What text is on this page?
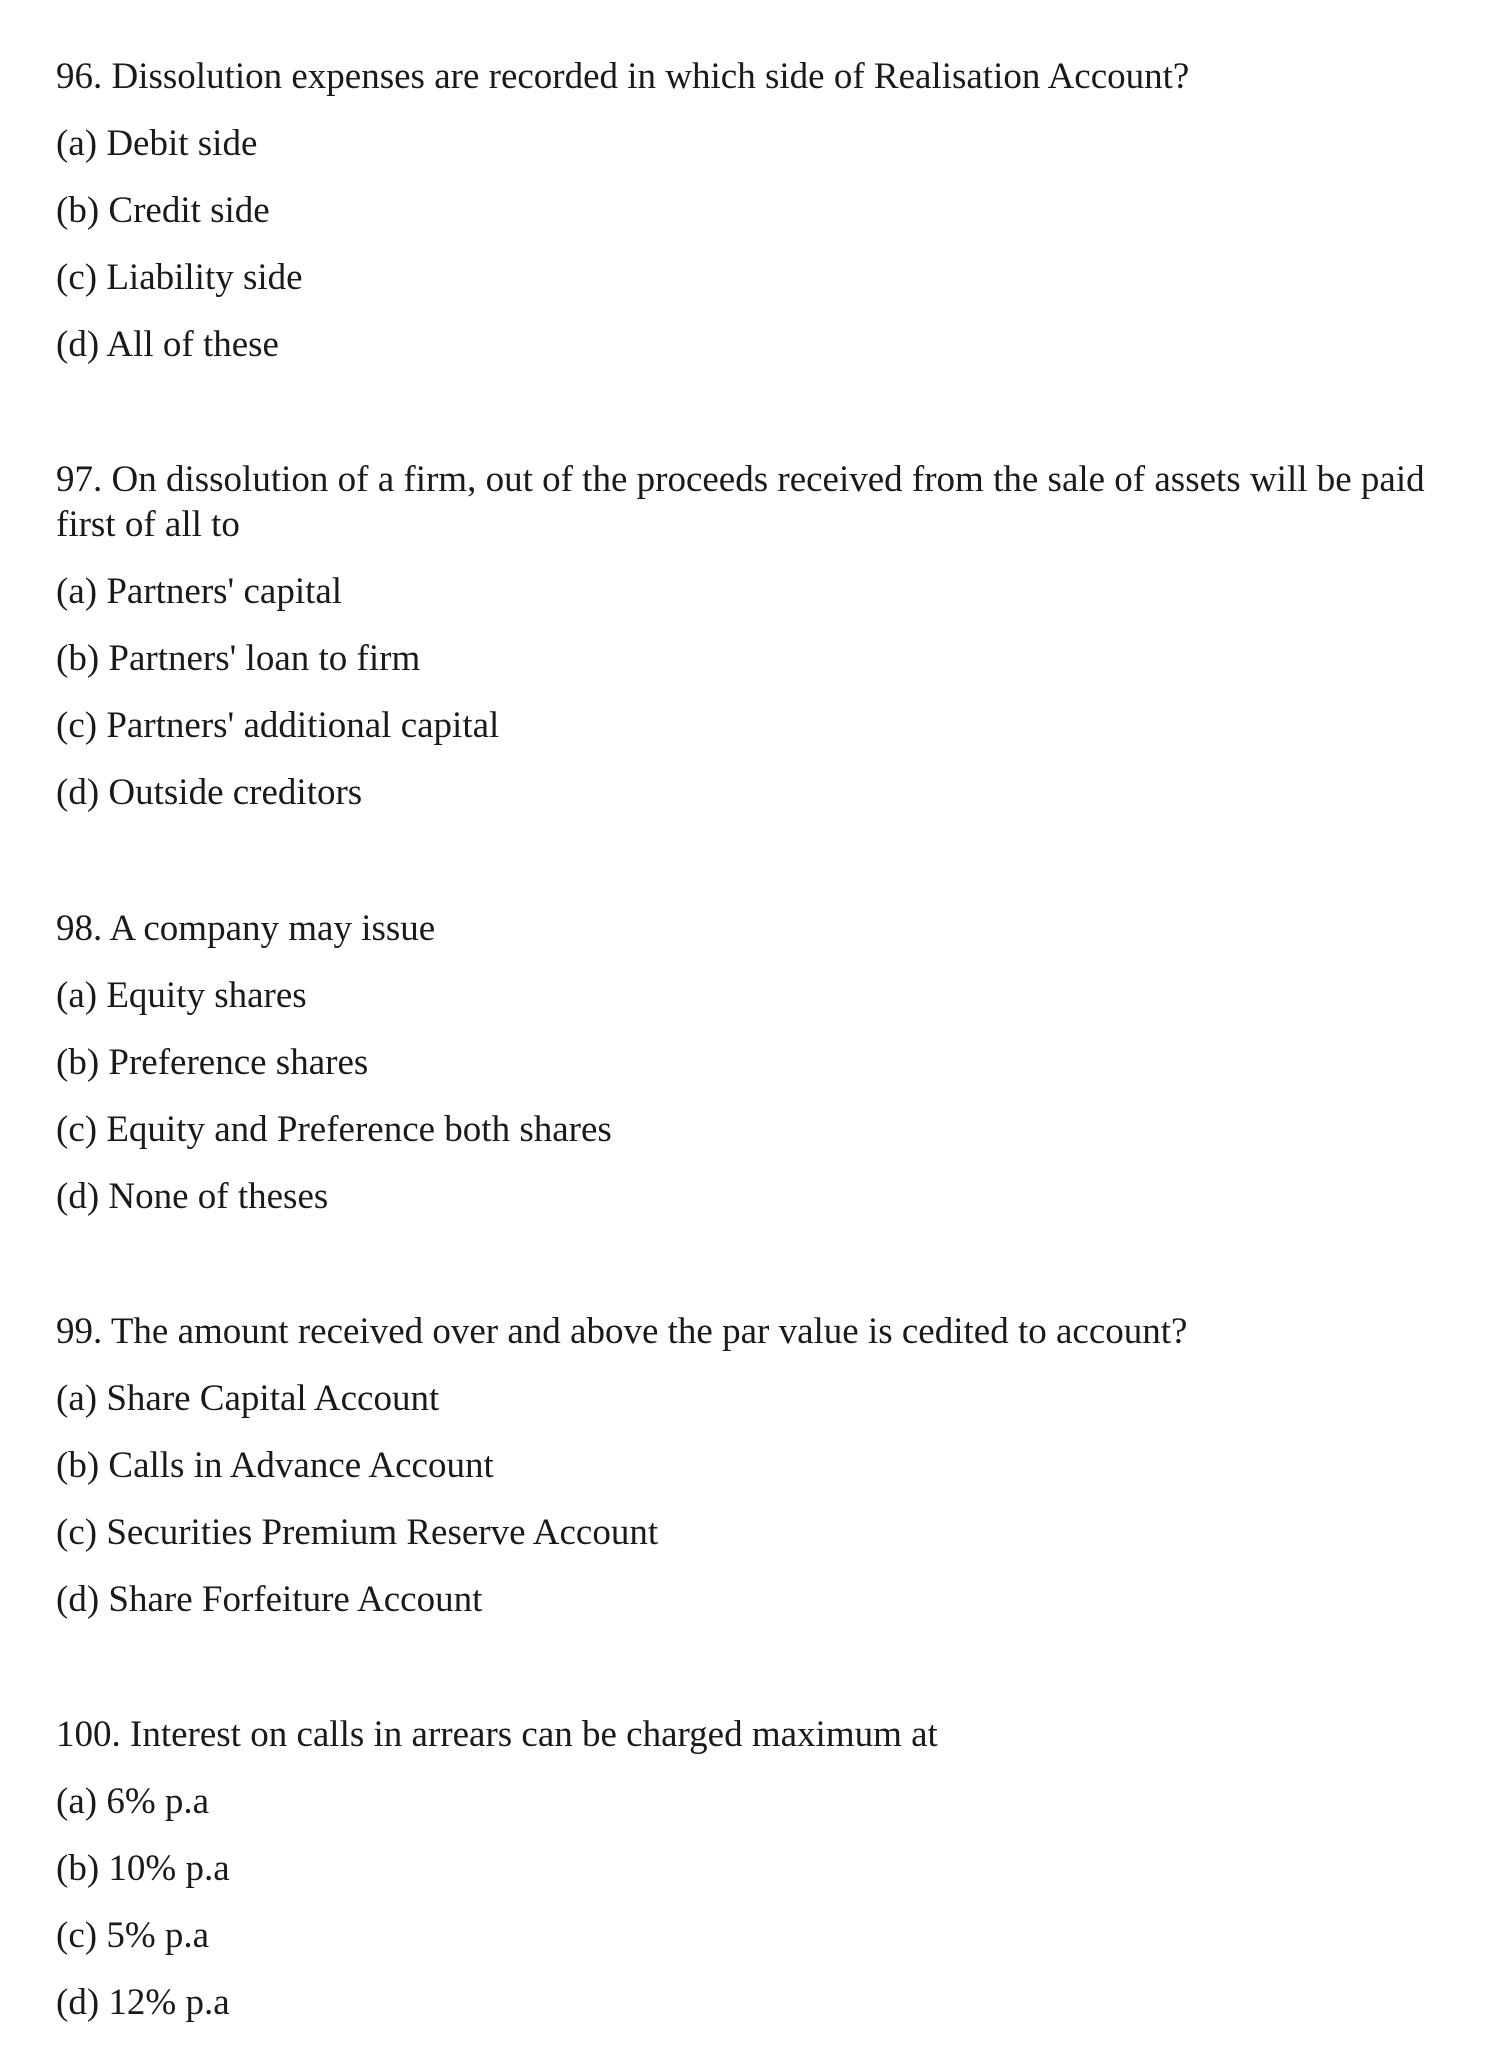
96. Dissolution expenses are recorded in which side of Realisation Account?

(a) Debit side
(b) Credit side
(c) Liability side
(d) All of these

97. On dissolution of a firm, out of the proceeds received from the sale of assets will be paid first of all to

(a) Partners' capital
(b) Partners' loan to firm
(c) Partners' additional capital
(d) Outside creditors

98. A company may issue

(a) Equity shares
(b) Preference shares
(c) Equity and Preference both shares
(d) None of theses

99. The amount received over and above the par value is cedited to account?

(a) Share Capital Account
(b) Calls in Advance Account
(c) Securities Premium Reserve Account
(d) Share Forfeiture Account

100. Interest on calls in arrears can be charged maximum at

(a) 6% p.a
(b) 10% p.a
(c) 5% p.a
(d) 12% p.a
